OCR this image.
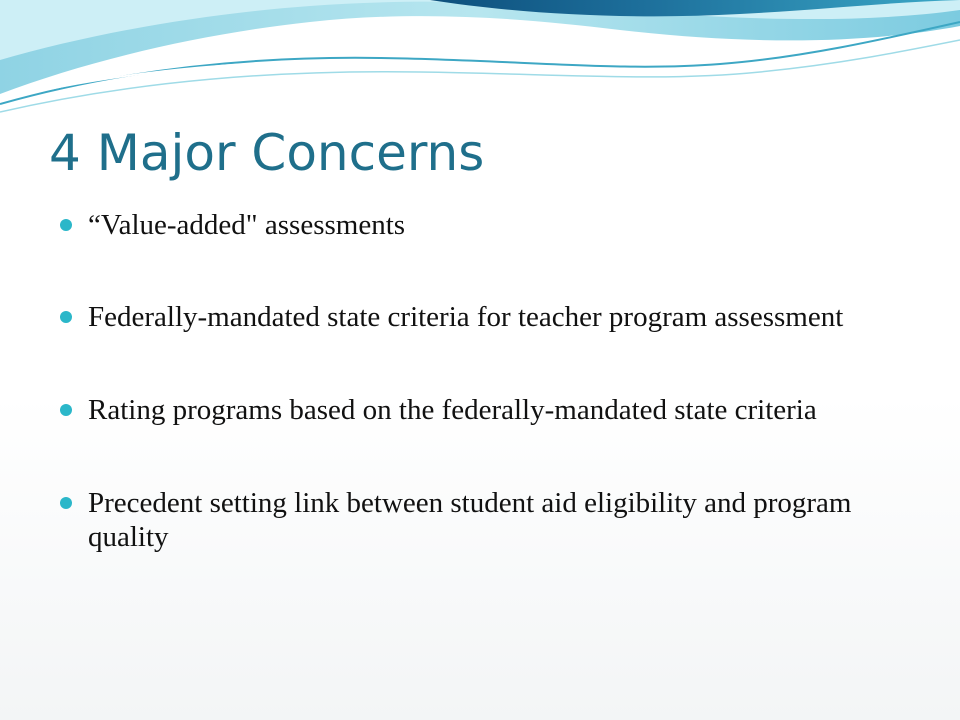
4 Major Concerns
“Value-added" assessments
Federally-mandated state criteria for teacher program assessment
Rating programs based on the federally-mandated state criteria
Precedent setting link between student aid eligibility and program quality
